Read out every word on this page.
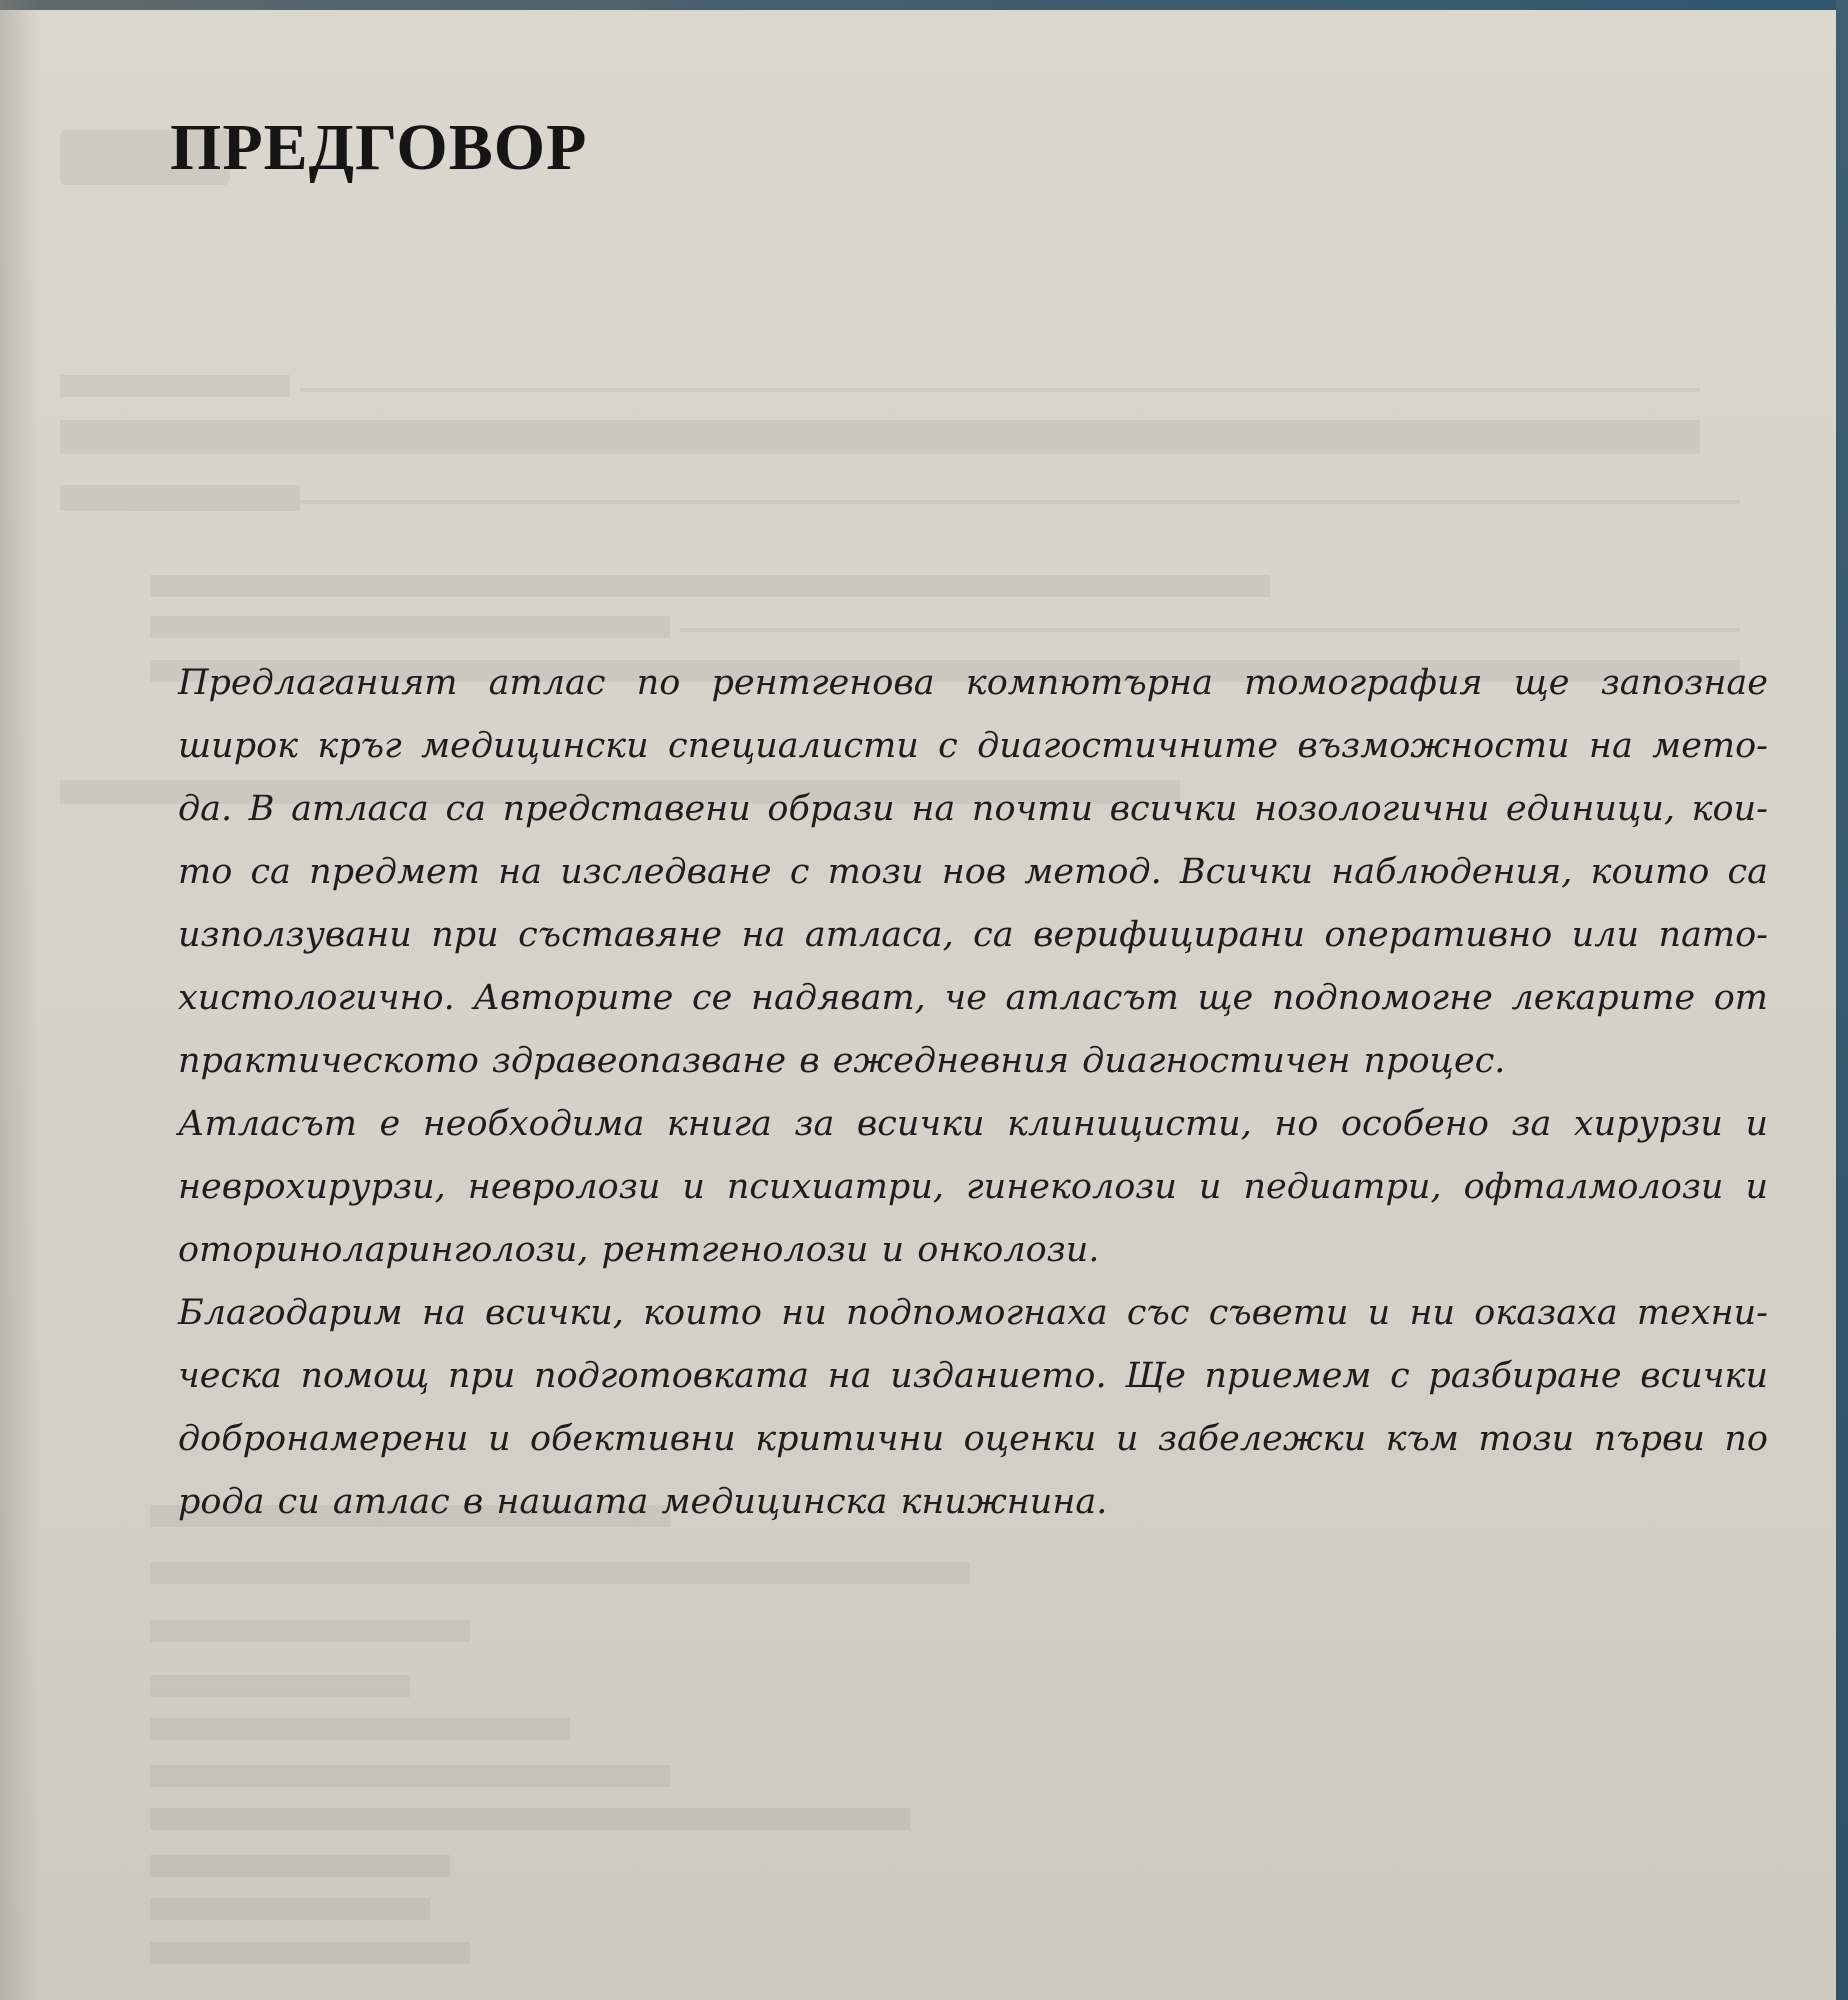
ПРЕДГОВОР
Предлаганият атлас по рентгенова компютърна томография ще запознае
широк кръг медицински специалисти с диагостичните възможности на мето-
да. В атласа са представени образи на почти всички нозологични единици, кои-
то са предмет на изследване с този нов метод. Всички наблюдения, които са
използувани при съставяне на атласа, са верифицирани оперативно или пато-
хистологично. Авторите се надяват, че атласът ще подпомогне лекарите от
практическото здравеопазване в ежедневния диагностичен процес.
Атласът е необходима книга за всички клиницисти, но особено за хирурзи и
неврохирурзи, невролози и психиатри, гинеколози и педиатри, офталмолози и
оториноларинголози, рентгенолози и онколози.
Благодарим на всички, които ни подпомогнаха със съвети и ни оказаха техни-
ческа помощ при подготовката на изданието. Ще приемем с разбиране всички
добронамерени и обективни критични оценки и забележки към този първи по
рода си атлас в нашата медицинска книжнина.
